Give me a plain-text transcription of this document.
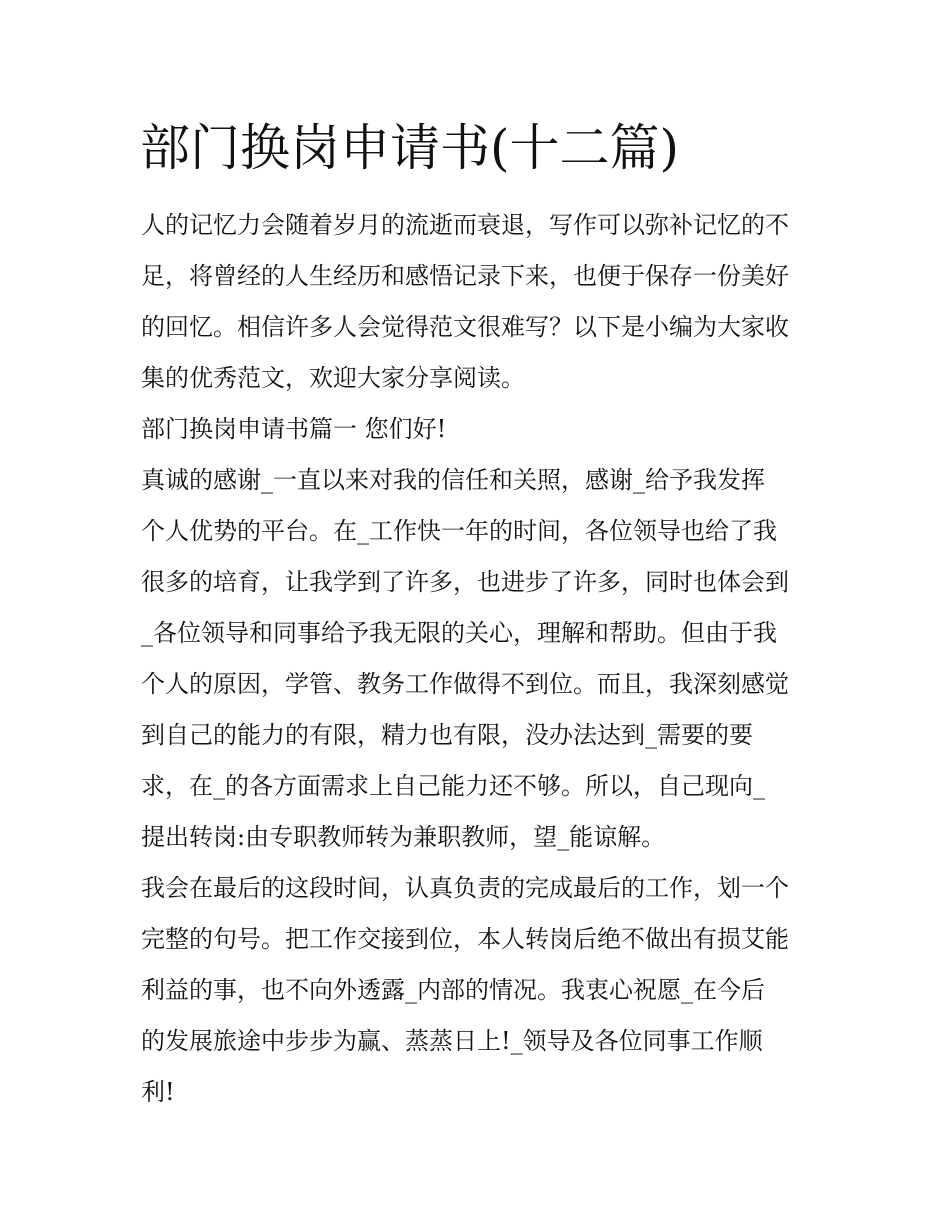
部门换岗申请书(十二篇)

人的记忆力会随着岁月的流逝而衰退，写作可以弥补记忆的不
足，将曾经的人生经历和感悟记录下来，也便于保存一份美好
的回忆。相信许多人会觉得范文很难写？以下是小编为大家收
集的优秀范文，欢迎大家分享阅读。

部门换岗申请书篇一 您们好!

真诚的感谢_一直以来对我的信任和关照，感谢_给予我发挥
个人优势的平台。在_工作快一年的时间，各位领导也给了我
很多的培育，让我学到了许多，也进步了许多，同时也体会到
_各位领导和同事给予我无限的关心，理解和帮助。但由于我
个人的原因，学管、教务工作做得不到位。而且，我深刻感觉
到自己的能力的有限，精力也有限，没办法达到_需要的要
求，在_的各方面需求上自己能力还不够。所以，自己现向_
提出转岗:由专职教师转为兼职教师，望_能谅解。

我会在最后的这段时间，认真负责的完成最后的工作，划一个
完整的句号。把工作交接到位，本人转岗后绝不做出有损艾能
利益的事，也不向外透露_内部的情况。我衷心祝愿_在今后
的发展旅途中步步为赢、蒸蒸日上!_领导及各位同事工作顺
利!
